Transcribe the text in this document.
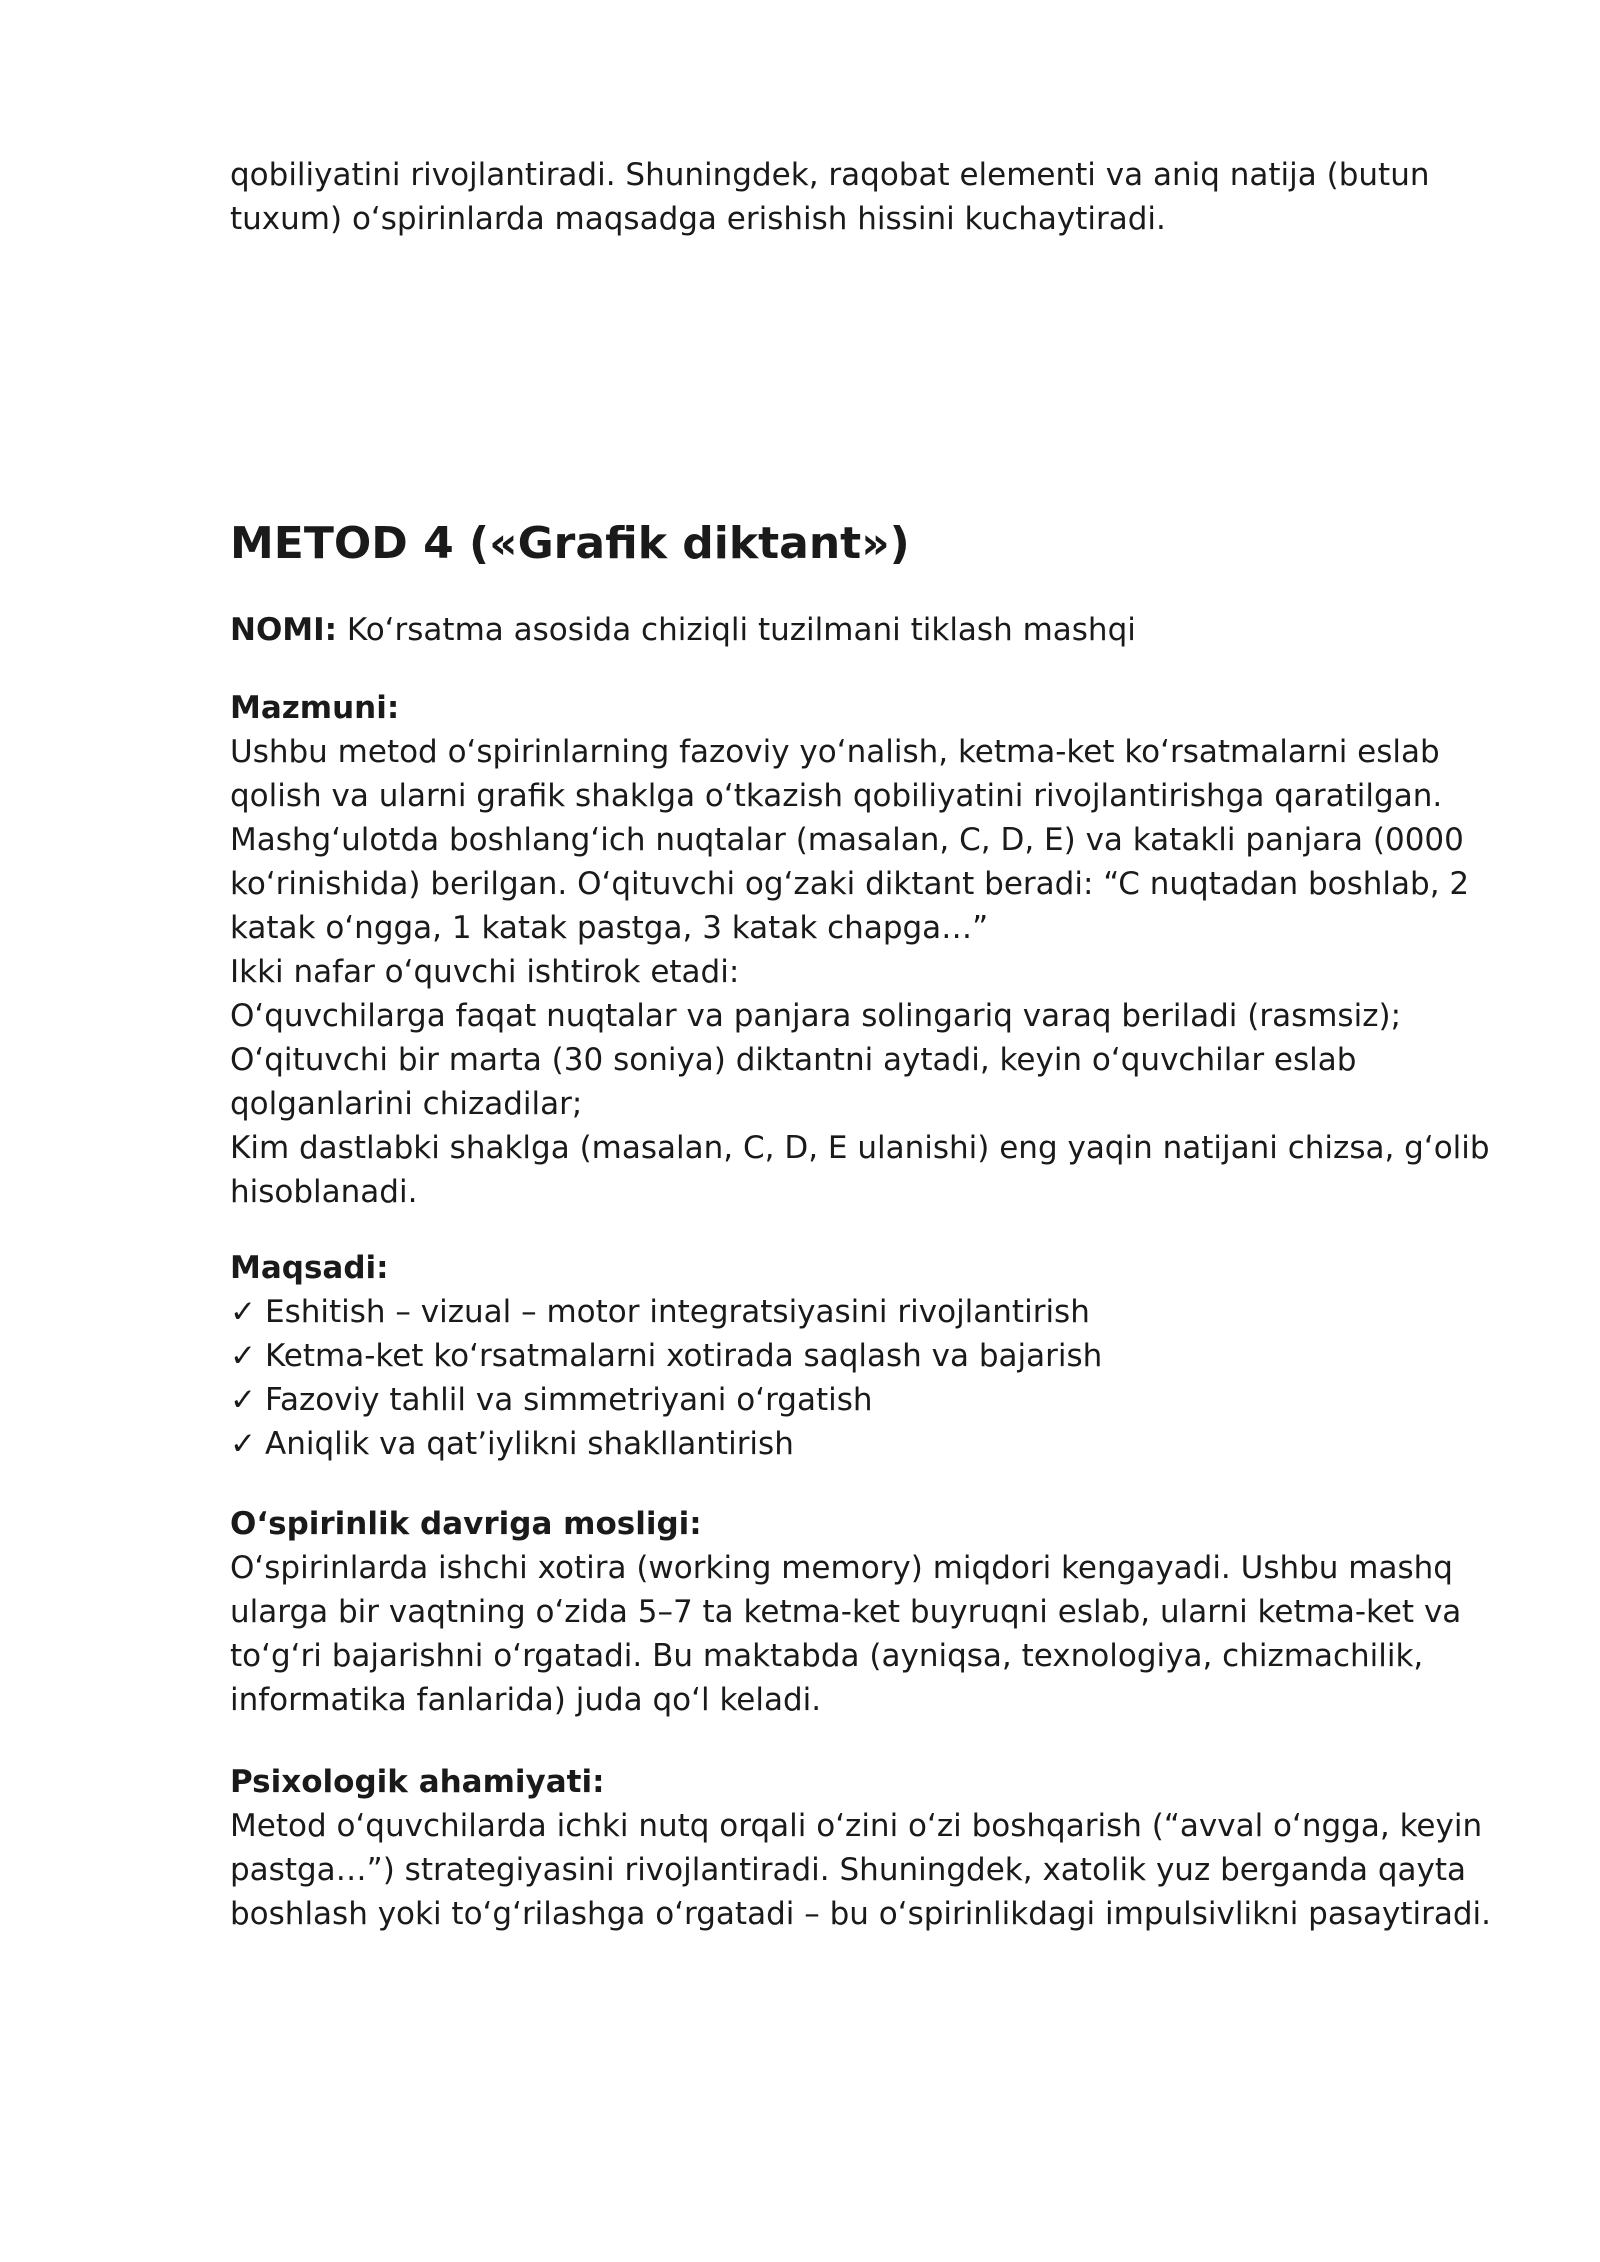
qobiliyatini rivojlantiradi. Shuningdek, raqobat elementi va aniq natija (butun

tuxum) o‘spirinlarda maqsadga erishish hissini kuchaytiradi.

METOD 4 («Grafik diktant»)

NOMI: Ko‘rsatma asosida chiziqli tuzilmani tiklash mashqi

Mazmuni:

Ushbu metod o‘spirinlarning fazoviy yo‘nalish, ketma-ket ko‘rsatmalarni eslab

qolish va ularni grafik shaklga o‘tkazish qobiliyatini rivojlantirishga qaratilgan.

Mashg‘ulotda boshlang‘ich nuqtalar (masalan, C, D, E) va katakli panjara (0000

ko‘rinishida) berilgan. O‘qituvchi og‘zaki diktant beradi: “C nuqtadan boshlab, 2

katak o‘ngga, 1 katak pastga, 3 katak chapga…”

Ikki nafar o‘quvchi ishtirok etadi:

O‘quvchilarga faqat nuqtalar va panjara solingariq varaq beriladi (rasmsiz);

O‘qituvchi bir marta (30 soniya) diktantni aytadi, keyin o‘quvchilar eslab

qolganlarini chizadilar;

Kim dastlabki shaklga (masalan, C, D, E ulanishi) eng yaqin natijani chizsa, g‘olib

hisoblanadi.

Maqsadi:

✓ Eshitish – vizual – motor integratsiyasini rivojlantirish

✓ Ketma-ket ko‘rsatmalarni xotirada saqlash va bajarish

✓ Fazoviy tahlil va simmetriyani o‘rgatish

✓ Aniqlik va qat’iylikni shakllantirish

O‘spirinlik davriga mosligi:

O‘spirinlarda ishchi xotira (working memory) miqdori kengayadi. Ushbu mashq

ularga bir vaqtning o‘zida 5–7 ta ketma-ket buyruqni eslab, ularni ketma-ket va

to‘g‘ri bajarishni o‘rgatadi. Bu maktabda (ayniqsa, texnologiya, chizmachilik,

informatika fanlarida) juda qo‘l keladi.

Psixologik ahamiyati:

Metod o‘quvchilarda ichki nutq orqali o‘zini o‘zi boshqarish (“avval o‘ngga, keyin

pastga…”) strategiyasini rivojlantiradi. Shuningdek, xatolik yuz berganda qayta

boshlash yoki to‘g‘rilashga o‘rgatadi – bu o‘spirinlikdagi impulsivlikni pasaytiradi.
